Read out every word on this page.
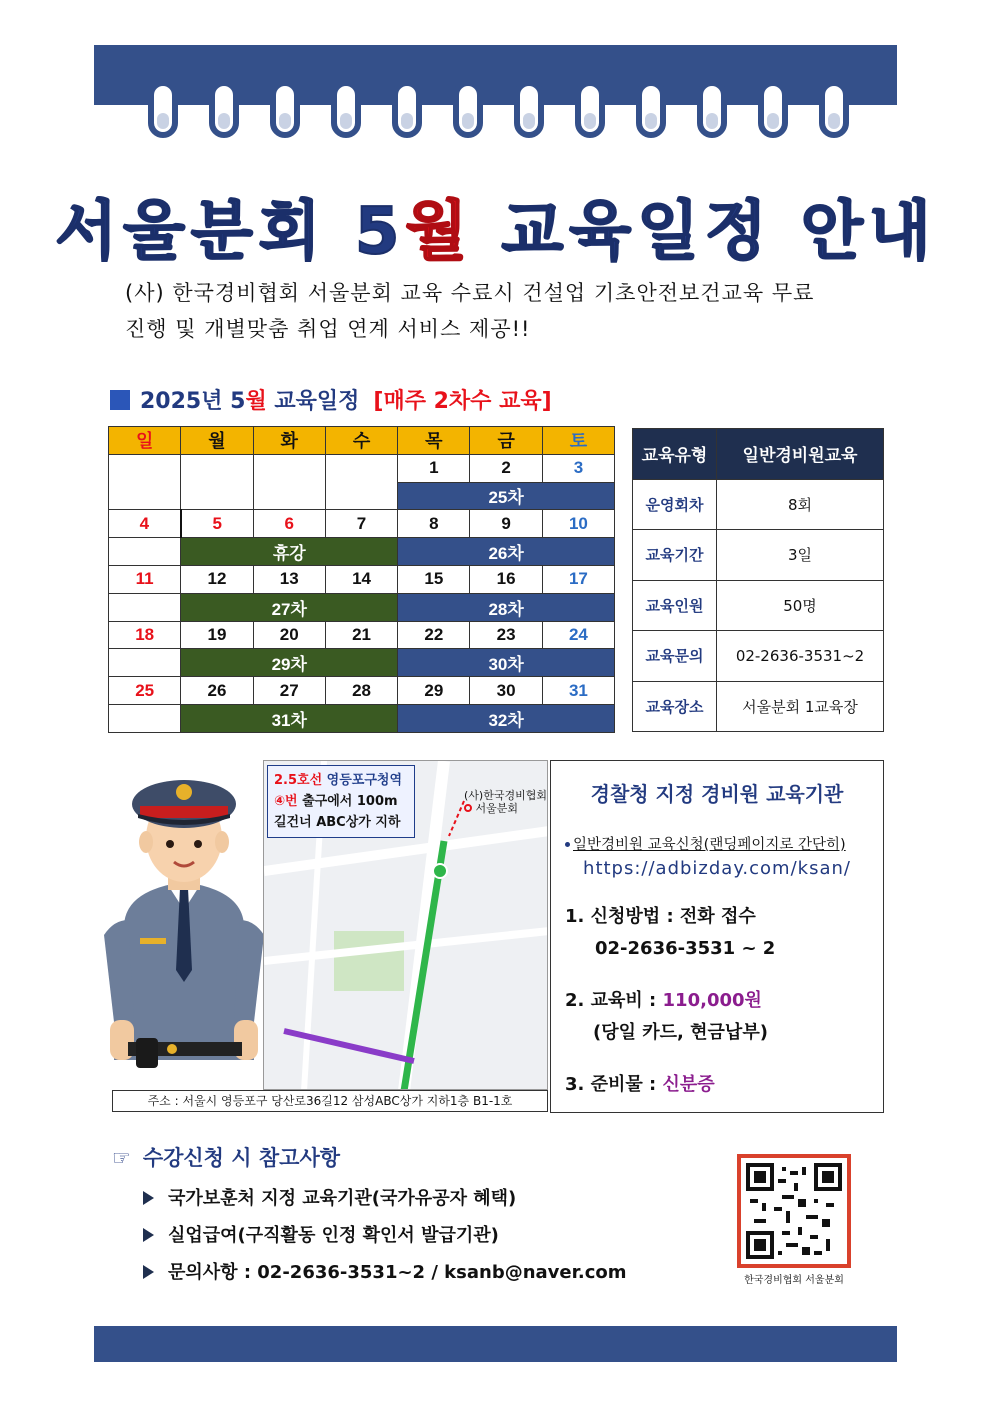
서울분회 5월 교육일정 안내
(사) 한국경비협회 서울분회 교육 수료시 건설업 기초안전보건교육 무료
진행 및 개별맞춤 취업 연계 서비스 제공!!
2025년 5월 교육일정 [매주 2차수 교육]
일	월	화	수	목	금	토
				1	2	3
				25차		
4	5	6	7	8	9	10
	휴강			26차		
11	12	13	14	15	16	17
	27차			28차		
18	19	20	21	22	23	24
	29차			30차		
25	26	27	28	29	30	31
	31차			32차		
교육유형	일반경비원교육
운영회차	8회
교육기간	3일
교육인원	50명
교육문의	02-2636-3531~2
교육장소	서울분회 1교육장
2.5호선 영등포구청역
④번 출구에서 100m
길건너 ABC상가 지하
(사)한국경비협회
서울분회
주소 : 서울시 영등포구 당산로36길12 삼성ABC상가 지하1층 B1-1호
경찰청 지정 경비원 교육기관
일반경비원 교육신청(랜딩페이지로 간단히)
https://adbizday.com/ksan/
1. 신청방법 : 전화 접수
02-2636-3531 ~ 2
2. 교육비 : 110,000원
(당일 카드, 현금납부)
3. 준비물 : 신분증
☞ 수강신청 시 참고사항
국가보훈처 지정 교육기관(국가유공자 혜택)
실업급여(구직활동 인정 확인서 발급기관)
문의사항 : 02-2636-3531~2 / ksanb@naver.com	한국경비협회 서울분회
